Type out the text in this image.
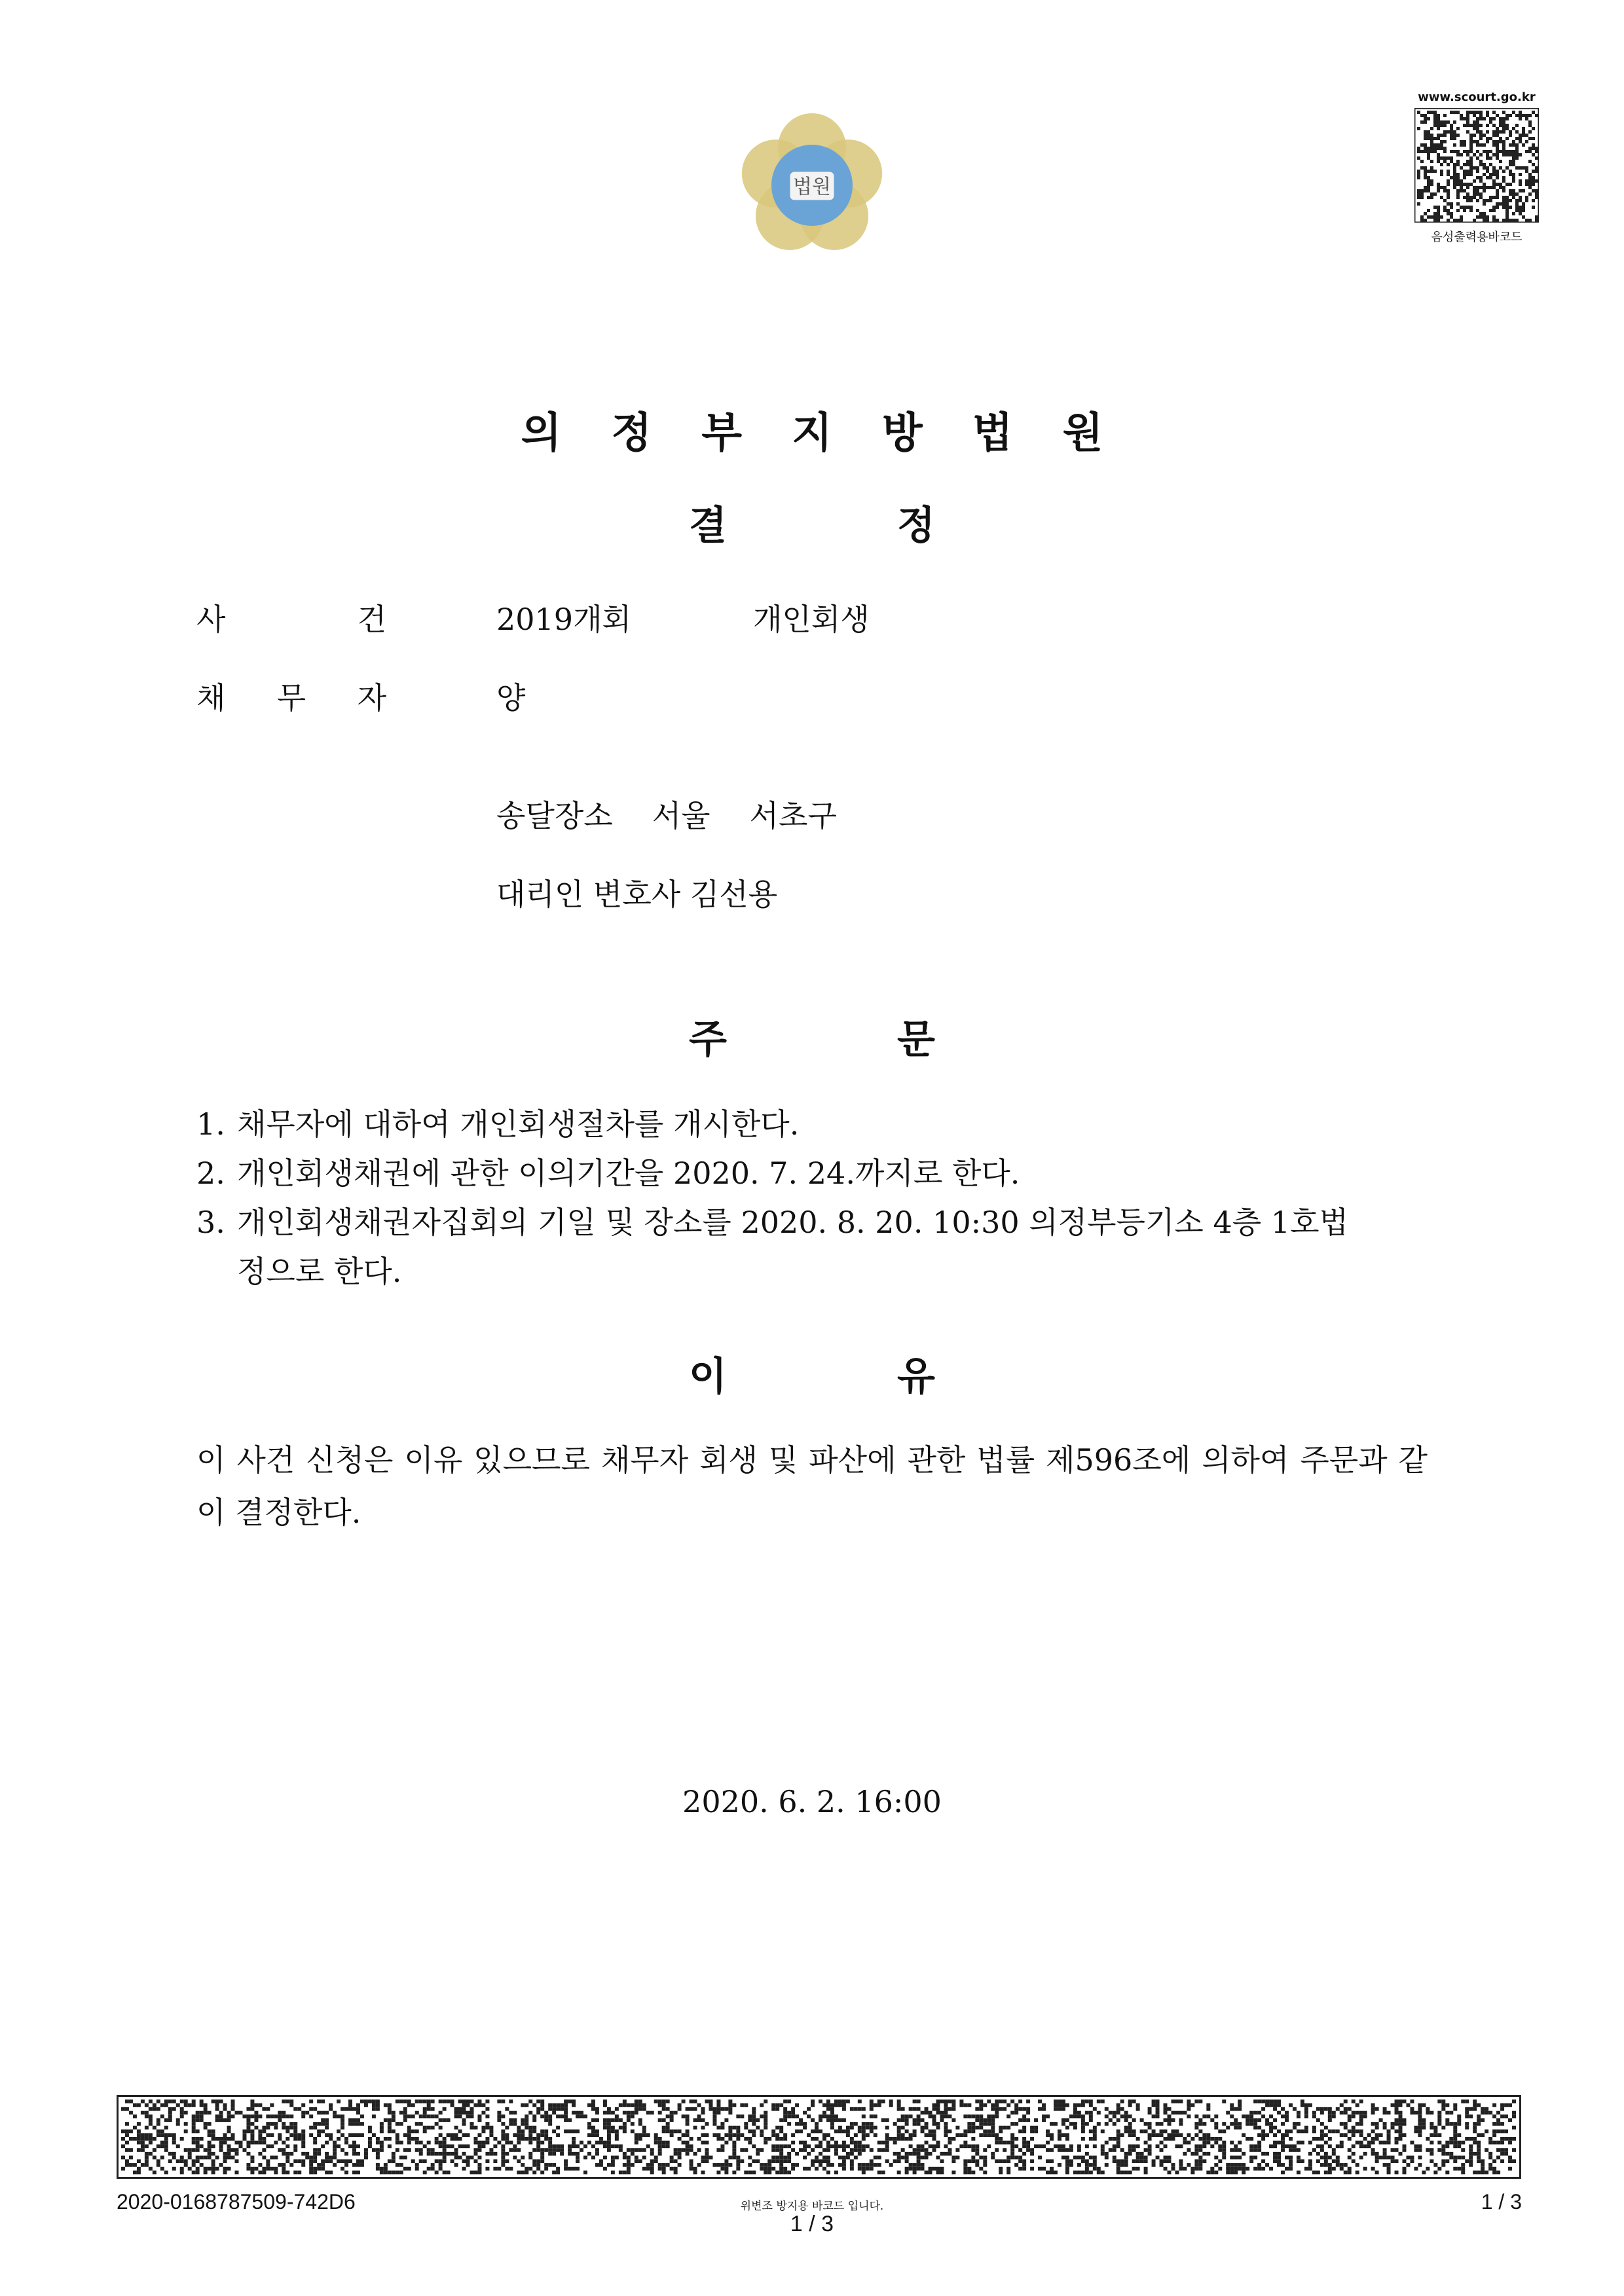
법원
www.scourt.go.kr
음성출력용바코드
의 정 부 지 방 법 원
결	정
사	건	2019개회	개인회생
채 무 자	양
송달장소 서울 서초구
대리인 변호사 김선용
주	문
1. 채무자에 대하여 개인회생절차를 개시한다.
2. 개인회생채권에 관한 이의기간을 2020. 7. 24.까지로 한다.
3. 개인회생채권자집회의 기일 및 장소를 2020. 8. 20. 10:30 의정부등기소 4층 1호법
정으로 한다.
이	유
이 사건 신청은 이유 있으므로 채무자 회생 및 파산에 관한 법률 제596조에 의하여 주문과 같이 결정한다.
2020. 6. 2. 16:00
2020-0168787509-742D6	위변조 방지용 바코드 입니다.
1 / 3
1 / 3
